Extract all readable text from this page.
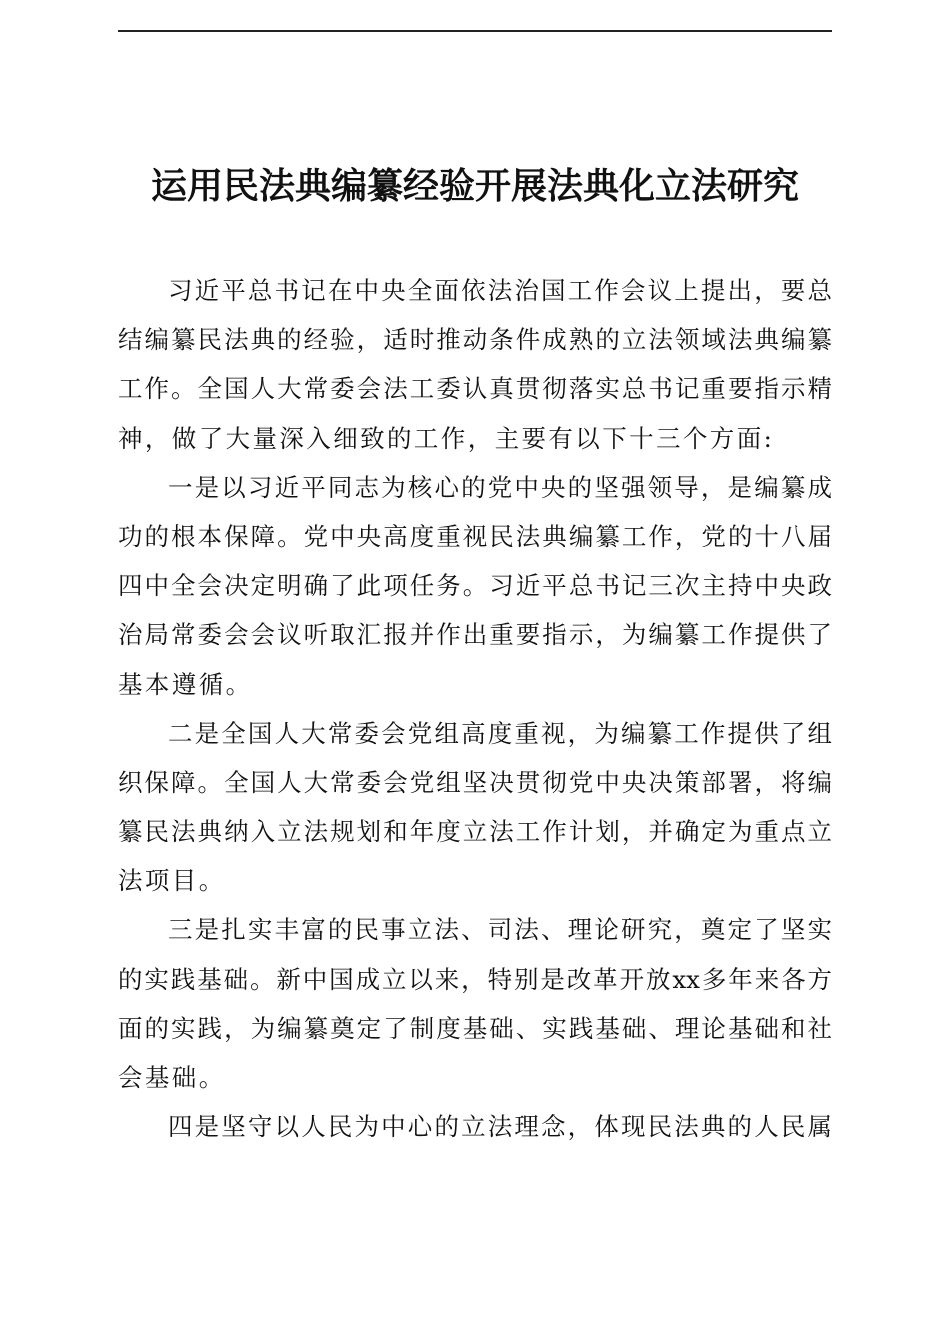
运用民法典编纂经验开展法典化立法研究
习近平总书记在中央全面依法治国工作会议上提出，要总
结编纂民法典的经验，适时推动条件成熟的立法领域法典编纂
工作。全国人大常委会法工委认真贯彻落实总书记重要指示精
神，做了大量深入细致的工作，主要有以下十三个方面:
一是以习近平同志为核心的党中央的坚强领导，是编纂成
功的根本保障。党中央高度重视民法典编纂工作，党的十八届
四中全会决定明确了此项任务。习近平总书记三次主持中央政
治局常委会会议听取汇报并作出重要指示，为编纂工作提供了
基本遵循。
二是全国人大常委会党组高度重视，为编纂工作提供了组
织保障。全国人大常委会党组坚决贯彻党中央决策部署，将编
纂民法典纳入立法规划和年度立法工作计划，并确定为重点立
法项目。
三是扎实丰富的民事立法、司法、理论研究，奠定了坚实
的实践基础。新中国成立以来，特别是改革开放xx多年来各方
面的实践，为编纂奠定了制度基础、实践基础、理论基础和社
会基础。
四是坚守以人民为中心的立法理念，体现民法典的人民属
